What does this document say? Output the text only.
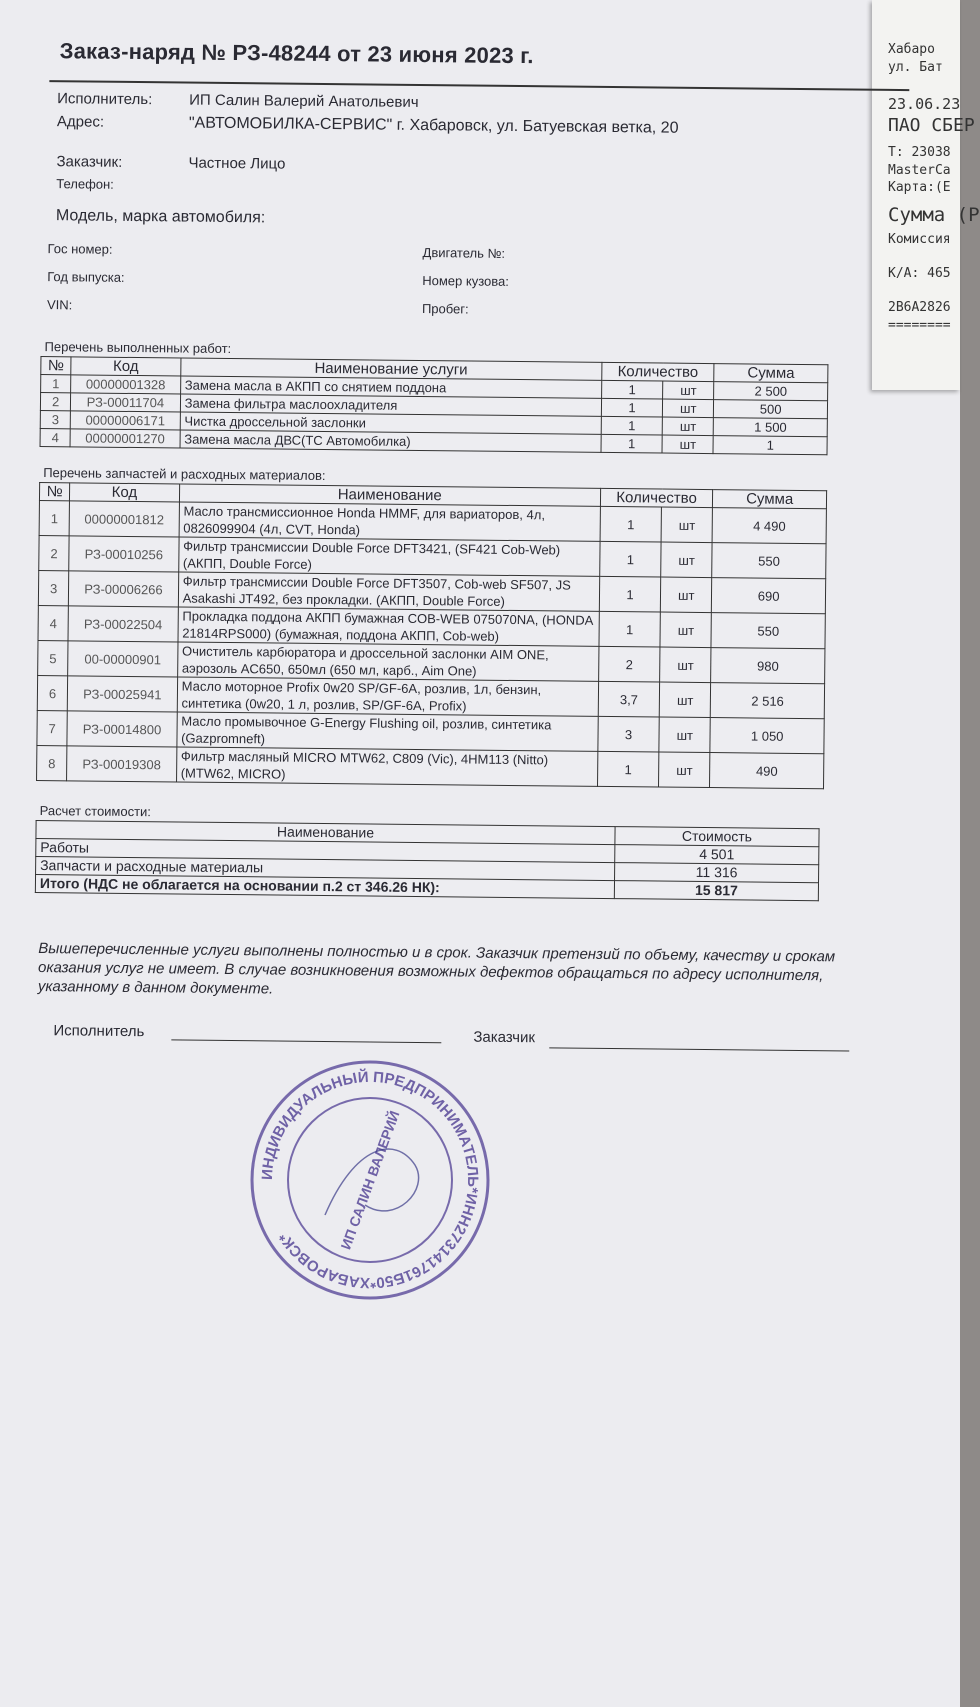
Хабаро
ул. Бат
23.06.23
ПАО СБЕР
Т: 23038
MasterCa
Карта:(Е
Сумма (Р
Комиссия
К/А: 465
2B6A2826
========
Заказ-наряд № РЗ-48244 от 23 июня 2023 г.
Исполнитель:	ИП Салин Валерий Анатольевич
Адрес:	"АВТОМОБИЛКА-СЕРВИС" г. Хабаровск, ул. Батуевская ветка, 20
Заказчик:	Частное Лицо
Телефон:
Модель, марка автомобиля:
Гос номер:
Год выпуска:
VIN:
Двигатель №:
Номер кузова:
Пробег:
Перечень выполненных работ:
№	Код	Наименование услуги	Количество		Сумма
1	00000001328	Замена масла в АКПП со снятием поддона	1	шт	2 500
2	РЗ-00011704	Замена фильтра маслоохладителя	1	шт	500
3	00000006171	Чистка дроссельной заслонки	1	шт	1 500
4	00000001270	Замена масла ДВС(ТС Автомобилка)	1	шт	1
Перечень запчастей и расходных материалов:
№	Код	Наименование	Количество		Сумма
1	00000001812	Масло трансмиссионное Honda HMMF, для вариаторов, 4л, 0826099904 (4л, CVT, Honda)	1	шт	4 490
2	РЗ-00010256	Фильтр трансмиссии Double Force DFT3421, (SF421 Cob-Web) (АКПП, Double Force)	1	шт	550
3	РЗ-00006266	Фильтр трансмиссии Double Force DFT3507, Cob-web SF507, JS Asakashi JT492, без прокладки. (АКПП, Double Force)	1	шт	690
4	РЗ-00022504	Прокладка поддона АКПП бумажная COB-WEB 075070NA, (HONDA 21814RPS000) (бумажная, поддона АКПП, Cob-web)	1	шт	550
5	00-00000901	Очиститель карбюратора и дроссельной заслонки AIM ONE, аэрозоль AC650, 650мл (650 мл, карб., Aim One)	2	шт	980
6	РЗ-00025941	Масло моторное Profix 0w20 SP/GF-6A, розлив, 1л, бензин, синтетика (0w20, 1 л, розлив, SP/GF-6A, Profix)	3,7	шт	2 516
7	РЗ-00014800	Масло промывочное G-Energy Flushing oil, розлив, синтетика (Gazpromneft)	3	шт	1 050
8	РЗ-00019308	Фильтр масляный MICRO MTW62, C809 (Vic), 4HM113 (Nitto) (MTW62, MICRO)	1	шт	490
Расчет стоимости:
Наименование	Стоимость
Работы	4 501
Запчасти и расходные материалы	11 316
Итого (НДС не облагается на основании п.2 ст 346.26 НК):	15 817
Вышеперечисленные услуги выполнены полностью и в срок. Заказчик претензий по объему, качеству и срокам оказания услуг не имеет. В случае возникновения возможных дефектов обращаться по адресу исполнителя, указанному в данном документе.
Исполнитель	Заказчик
ИНДИВИДУАЛЬНЫЙ ПРЕДПРИНИМАТЕЛЬ*ИНН273141761Б50*ХАБАРОВСК*	ИП САЛИН ВАЛЕРИЙ
